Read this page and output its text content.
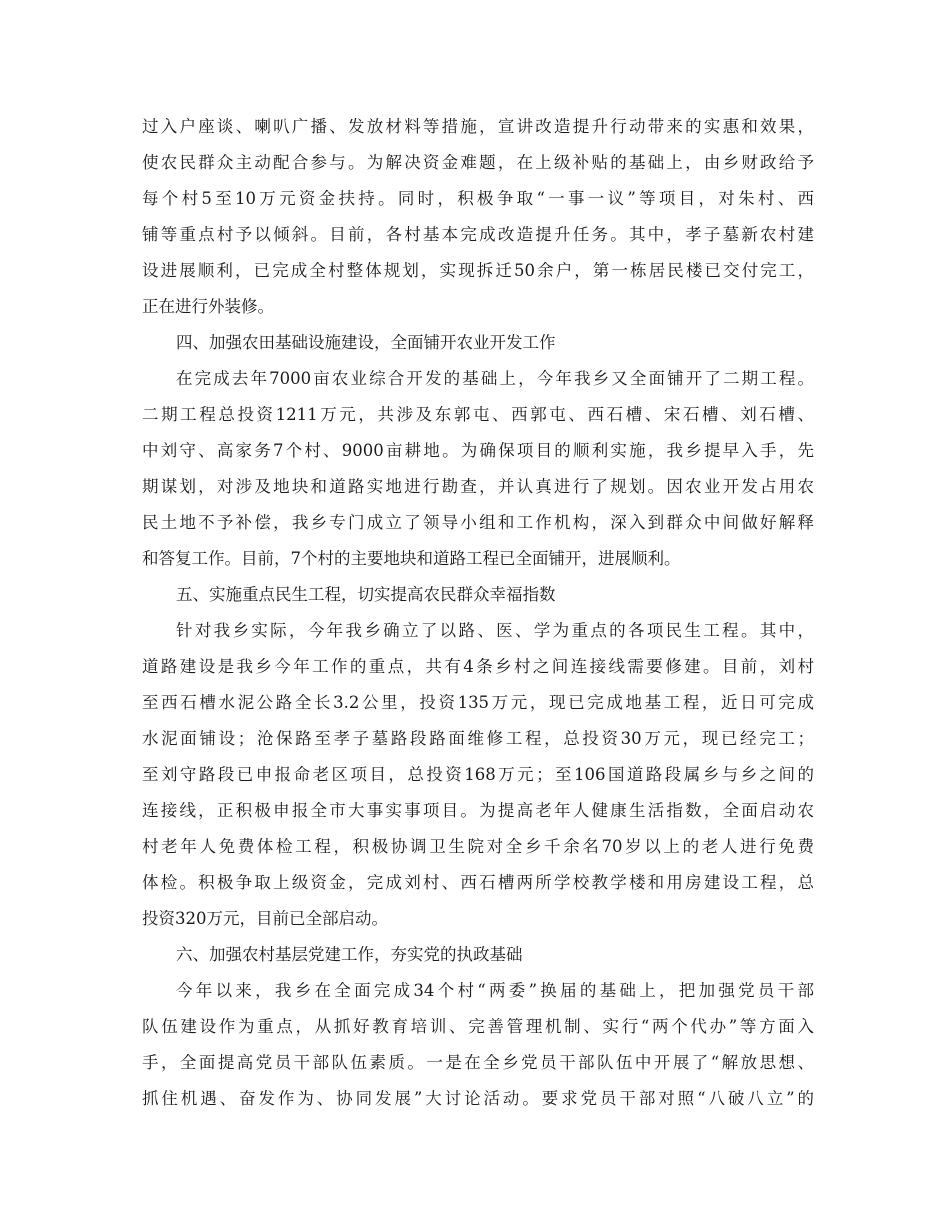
过入户座谈、喇叭广播、发放材料等措施，宣讲改造提升行动带来的实惠和效果，
使农民群众主动配合参与。为解决资金难题，在上级补贴的基础上，由乡财政给予
每个村5至10万元资金扶持。同时，积极争取“一事一议”等项目，对朱村、西
铺等重点村予以倾斜。目前，各村基本完成改造提升任务。其中，孝子墓新农村建
设进展顺利，已完成全村整体规划，实现拆迁50余户，第一栋居民楼已交付完工，
正在进行外装修。
四、加强农田基础设施建设，全面铺开农业开发工作
在完成去年7000亩农业综合开发的基础上，今年我乡又全面铺开了二期工程。
二期工程总投资1211万元，共涉及东郭屯、西郭屯、西石槽、宋石槽、刘石槽、
中刘守、高家务7个村、9000亩耕地。为确保项目的顺利实施，我乡提早入手，先
期谋划，对涉及地块和道路实地进行勘查，并认真进行了规划。因农业开发占用农
民土地不予补偿，我乡专门成立了领导小组和工作机构，深入到群众中间做好解释
和答复工作。目前，7个村的主要地块和道路工程已全面铺开，进展顺利。
五、实施重点民生工程，切实提高农民群众幸福指数
针对我乡实际，今年我乡确立了以路、医、学为重点的各项民生工程。其中，
道路建设是我乡今年工作的重点，共有4条乡村之间连接线需要修建。目前，刘村
至西石槽水泥公路全长3.2公里，投资135万元，现已完成地基工程，近日可完成
水泥面铺设；沧保路至孝子墓路段路面维修工程，总投资30万元，现已经完工；
至刘守路段已申报命老区项目，总投资168万元；至106国道路段属乡与乡之间的
连接线，正积极申报全市大事实事项目。为提高老年人健康生活指数，全面启动农
村老年人免费体检工程，积极协调卫生院对全乡千余名70岁以上的老人进行免费
体检。积极争取上级资金，完成刘村、西石槽两所学校教学楼和用房建设工程，总
投资320万元，目前已全部启动。
六、加强农村基层党建工作，夯实党的执政基础
今年以来，我乡在全面完成34个村“两委”换届的基础上，把加强党员干部
队伍建设作为重点，从抓好教育培训、完善管理机制、实行“两个代办”等方面入
手，全面提高党员干部队伍素质。一是在全乡党员干部队伍中开展了“解放思想、
抓住机遇、奋发作为、协同发展”大讨论活动。要求党员干部对照“八破八立”的
